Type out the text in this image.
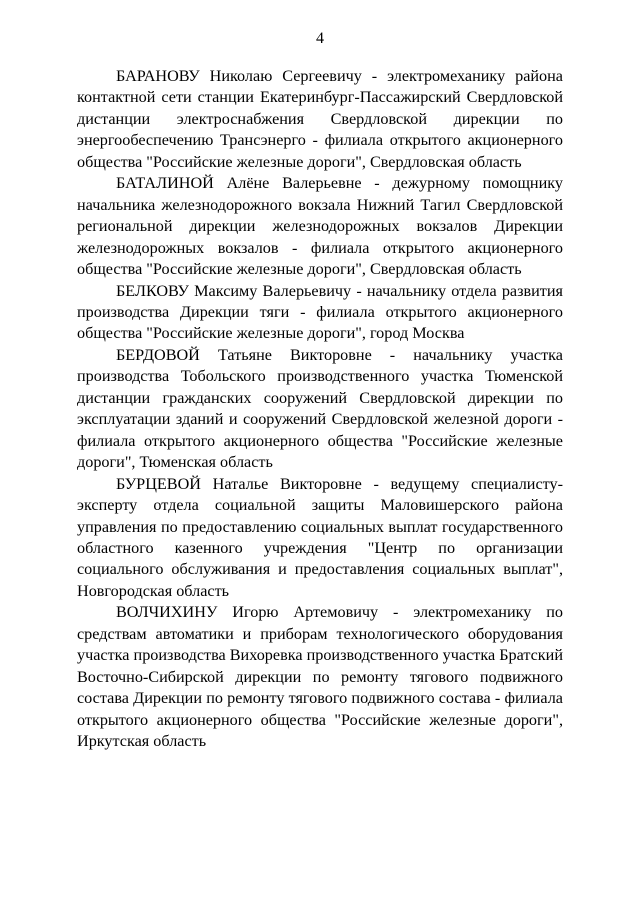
4

БАРАНОВУ Николаю Сергеевичу - электромеханику района контактной сети станции Екатеринбург-Пассажирский Свердловской дистанции электроснабжения Свердловской дирекции по энергообеспечению Трансэнерго - филиала открытого акционерного общества "Российские железные дороги", Свердловская область

БАТАЛИНОЙ Алёне Валерьевне - дежурному помощнику начальника железнодорожного вокзала Нижний Тагил Свердловской региональной дирекции железнодорожных вокзалов Дирекции железнодорожных вокзалов - филиала открытого акционерного общества "Российские железные дороги", Свердловская область

БЕЛКОВУ Максиму Валерьевичу - начальнику отдела развития производства Дирекции тяги - филиала открытого акционерного общества "Российские железные дороги", город Москва

БЕРДОВОЙ Татьяне Викторовне - начальнику участка производства Тобольского производственного участка Тюменской дистанции гражданских сооружений Свердловской дирекции по эксплуатации зданий и сооружений Свердловской железной дороги - филиала открытого акционерного общества "Российские железные дороги", Тюменская область

БУРЦЕВОЙ Наталье Викторовне - ведущему специалисту-эксперту отдела социальной защиты Маловишерского района управления по предоставлению социальных выплат государственного областного казенного учреждения "Центр по организации социального обслуживания и предоставления социальных выплат", Новгородская область

ВОЛЧИХИНУ Игорю Артемовичу - электромеханику по средствам автоматики и приборам технологического оборудования участка производства Вихоревка производственного участка Братский Восточно-Сибирской дирекции по ремонту тягового подвижного состава Дирекции по ремонту тягового подвижного состава - филиала открытого акционерного общества "Российские железные дороги", Иркутская область
